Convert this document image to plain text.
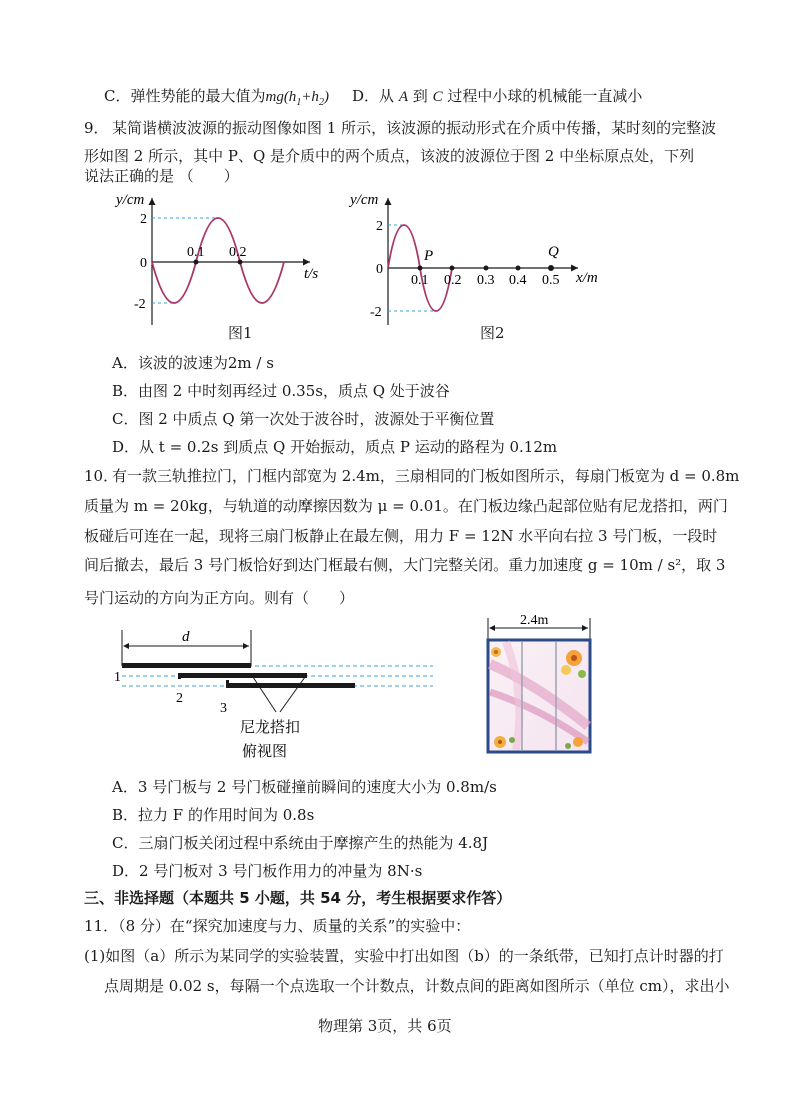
C．弹性势能的最大值为$mg(h_1+h_2)$ D．从 A 到 C 过程中小球的机械能一直减小
9． 某简谐横波波源的振动图像如图 1 所示，该波源的振动形式在介质中传播，某时刻的完整波
形如图 2 所示，其中 P、Q 是介质中的两个质点，该波的波源位于图 2 中坐标原点处，下列
说法正确的是 （　　）
y/cm
2
0
-2
0.1 0.2
t/s
图1
y/cm
2
0
-2
0.1 0.2 0.3 0.4 0.5
P	Q
x/m
图2
A．该波的波速为2m / s
B．由图 2 中时刻再经过 0.35s，质点 Q 处于波谷
C．图 2 中质点 Q 第一次处于波谷时，波源处于平衡位置
D．从 t = 0.2s 到质点 Q 开始振动，质点 P 运动的路程为 0.12m
10．
有一款三轨推拉门，门框内部宽为 2.4m，三扇相同的门板如图所示，每扇门板宽为 d = 0.8m
质量为 m = 20kg，与轨道的动摩擦因数为 μ = 0.01。在门板边缘凸起部位贴有尼龙搭扣，两门
板碰后可连在一起，现将三扇门板静止在最左侧，用力 F = 12N 水平向右拉 3 号门板，一段时
间后撤去，最后 3 号门板恰好到达门框最右侧，大门完整关闭。重力加速度 g = 10m / s²，取 3
号门运动的方向为正方向。则有（　　）
d
1
2
3
尼龙搭扣
俯视图
2.4m
A．3 号门板与 2 号门板碰撞前瞬间的速度大小为 0.8m/s
B．拉力 F 的作用时间为 0.8s
C．三扇门板关闭过程中系统由于摩擦产生的热能为 4.8J
D．2 号门板对 3 号门板作用力的冲量为 8N·s
三、非选择题（本题共 5 小题，共 54 分，考生根据要求作答）
11．（8 分）在“探究加速度与力、质量的关系”的实验中：
(1)如图（a）所示为某同学的实验装置，实验中打出如图（b）的一条纸带，已知打点计时器的打
点周期是 0.02 s，每隔一个点选取一个计数点，计数点间的距离如图所示（单位 cm），求出小
物理第 3页，共 6页
